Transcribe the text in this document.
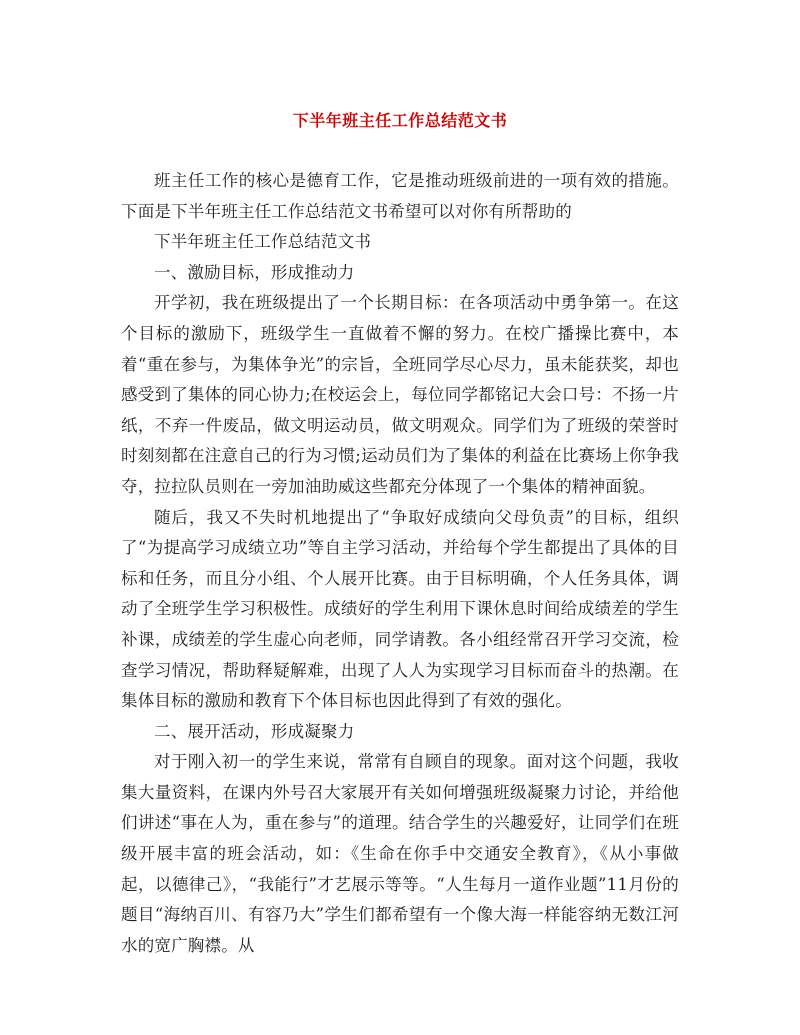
下半年班主任工作总结范文书

班主任工作的核心是德育工作，它是推动班级前进的一项有效的措施。下面是下半年班主任工作总结范文书希望可以对你有所帮助的

下半年班主任工作总结范文书

一、激励目标，形成推动力

开学初，我在班级提出了一个长期目标：在各项活动中勇争第一。在这个目标的激励下，班级学生一直做着不懈的努力。在校广播操比赛中，本着“重在参与，为集体争光”的宗旨，全班同学尽心尽力，虽未能获奖，却也感受到了集体的同心协力;在校运会上，每位同学都铭记大会口号：不扬一片纸，不弃一件废品，做文明运动员，做文明观众。同学们为了班级的荣誉时时刻刻都在注意自己的行为习惯;运动员们为了集体的利益在比赛场上你争我夺，拉拉队员则在一旁加油助威这些都充分体现了一个集体的精神面貌。

随后，我又不失时机地提出了“争取好成绩向父母负责”的目标，组织了“为提高学习成绩立功”等自主学习活动，并给每个学生都提出了具体的目标和任务，而且分小组、个人展开比赛。由于目标明确，个人任务具体，调动了全班学生学习积极性。成绩好的学生利用下课休息时间给成绩差的学生补课，成绩差的学生虚心向老师，同学请教。各小组经常召开学习交流，检查学习情况，帮助释疑解难，出现了人人为实现学习目标而奋斗的热潮。在集体目标的激励和教育下个体目标也因此得到了有效的强化。

二、展开活动，形成凝聚力

对于刚入初一的学生来说，常常有自顾自的现象。面对这个问题，我收集大量资料，在课内外号召大家展开有关如何增强班级凝聚力讨论，并给他们讲述“事在人为，重在参与”的道理。结合学生的兴趣爱好，让同学们在班级开展丰富的班会活动，如：《生命在你手中交通安全教育》，《从小事做起，以德律己》，“我能行”才艺展示等等。“人生每月一道作业题”11月份的题目“海纳百川、有容乃大”学生们都希望有一个像大海一样能容纳无数江河水的宽广胸襟。从
